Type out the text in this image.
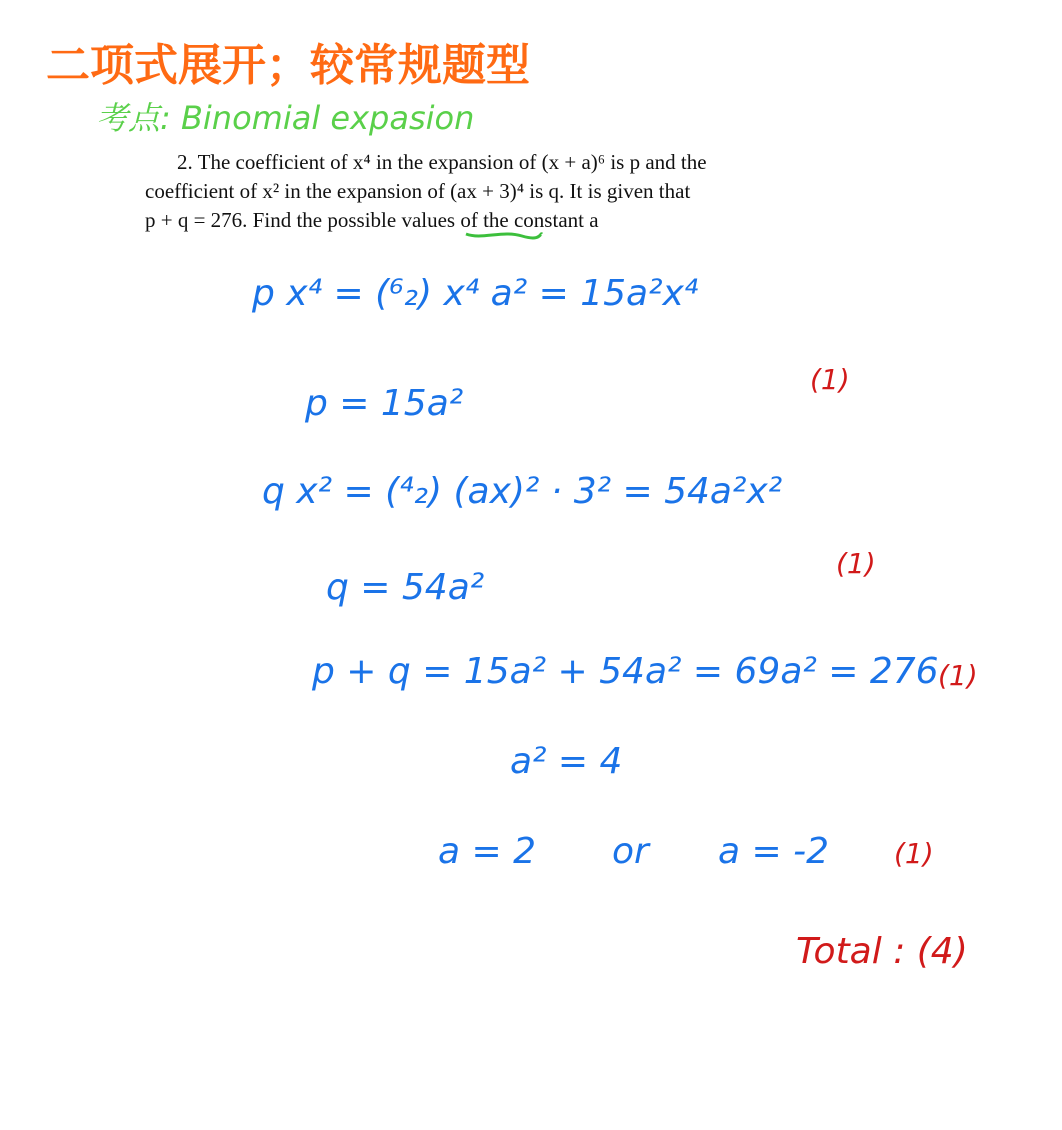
二项式展开；较常规题型
考点: Binomial expasion
2. The coefficient of x⁴ in the expansion of (x + a)⁶ is p and the
coefficient of x² in the expansion of (ax + 3)⁴ is q. It is given that
p + q = 276. Find the possible values of the constant a
p x⁴ = (⁶₂) x⁴ a² = 15a²x⁴
p = 15a²
q x² = (⁴₂) (ax)² · 3² = 54a²x²
q = 54a²
p + q = 15a² + 54a² = 69a² = 276
a² = 4
a = 2 or a = -2
(1)
(1)
(1)
(1)
Total : (4)
